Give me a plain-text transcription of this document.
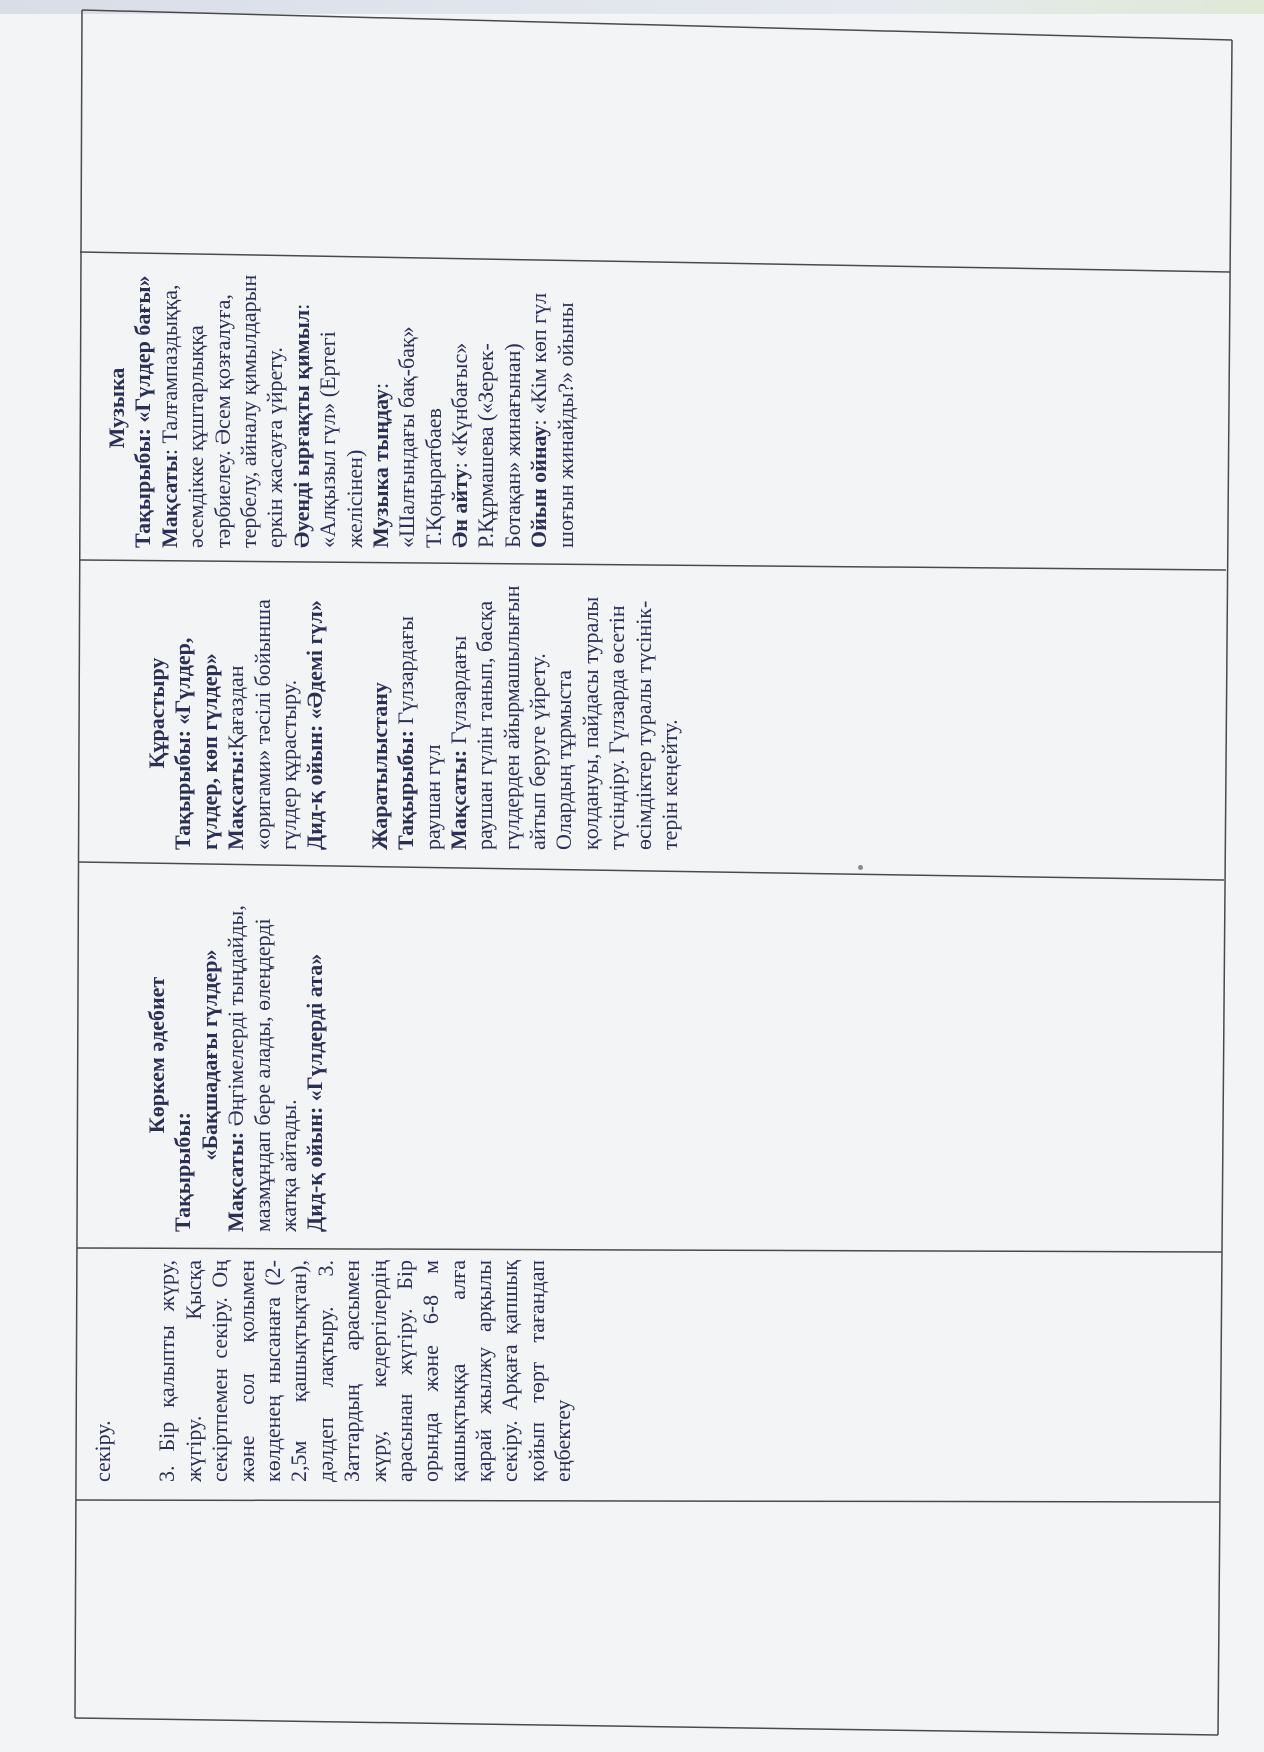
секіру. 3. Бір қалыпты жүру, жүгіру. Қысқа секіртпемен секіру. Оң және сол қолымен көлденең нысанаға (2-2,5м қашықтықтан), дәлдеп лақтыру. 3. Заттардың арасымен жүру, кедергілердің арасынан жүгіру. Бір орында және 6-8 м қашықтыққа алға қарай жылжу арқылы секіру. Арқаға қапшық қойып төрт тағандап еңбектеу

Көркем әдебиет

Тақырыбы:

«Бақшадағы гүлдер»

Мақсаты: Әңгімелерді тыңдайды, мазмұндап бере алады, өлеңдерді жатқа айтады. Дид-қ ойын: «Гүлдерді ата»

Құрастыру Тақырыбы: «Гүлдер, гүлдер, көп гүлдер» Мақсаты:Қағаздан «оригами» тәсілі бойынша гүлдер құрастыру. Дид-қ ойын: «Әдемі гүл» Жаратылыстану Тақырыбы: Гүлзардағы раушан гүл Мақсаты: Гүлзардағы раушан гүлін танып, басқа гүлдерден айырмашылығын айтып беруге үйрету. Олардың тұрмыста қолдануы, пайдасы туралы түсіндіру. Гүлзарда өсетін өсімдіктер туралы түсінік-терін кеңейту.

Музыка Тақырыбы: «Гүлдер бағы» Мақсаты: Талғампаздыққа, әсемдікке құштарлыққа тәрбиелеу. Әсем қозғалуға, тербелу, айналу қимылдарын еркін жасауға үйрету. Әуенді ырғақты қимыл: «Алқызыл гүл» (Ертегі желісінен) Музыка тыңдау: «Шалғындағы бақ-бақ» Т.Қоңыратбаев Ән айту: «Күнбағыс» Р.Құрмашева («Зерек-Ботақан» жинағынан) Ойын ойнау: «Кім көп гүл шоғын жинайды?» ойыны
